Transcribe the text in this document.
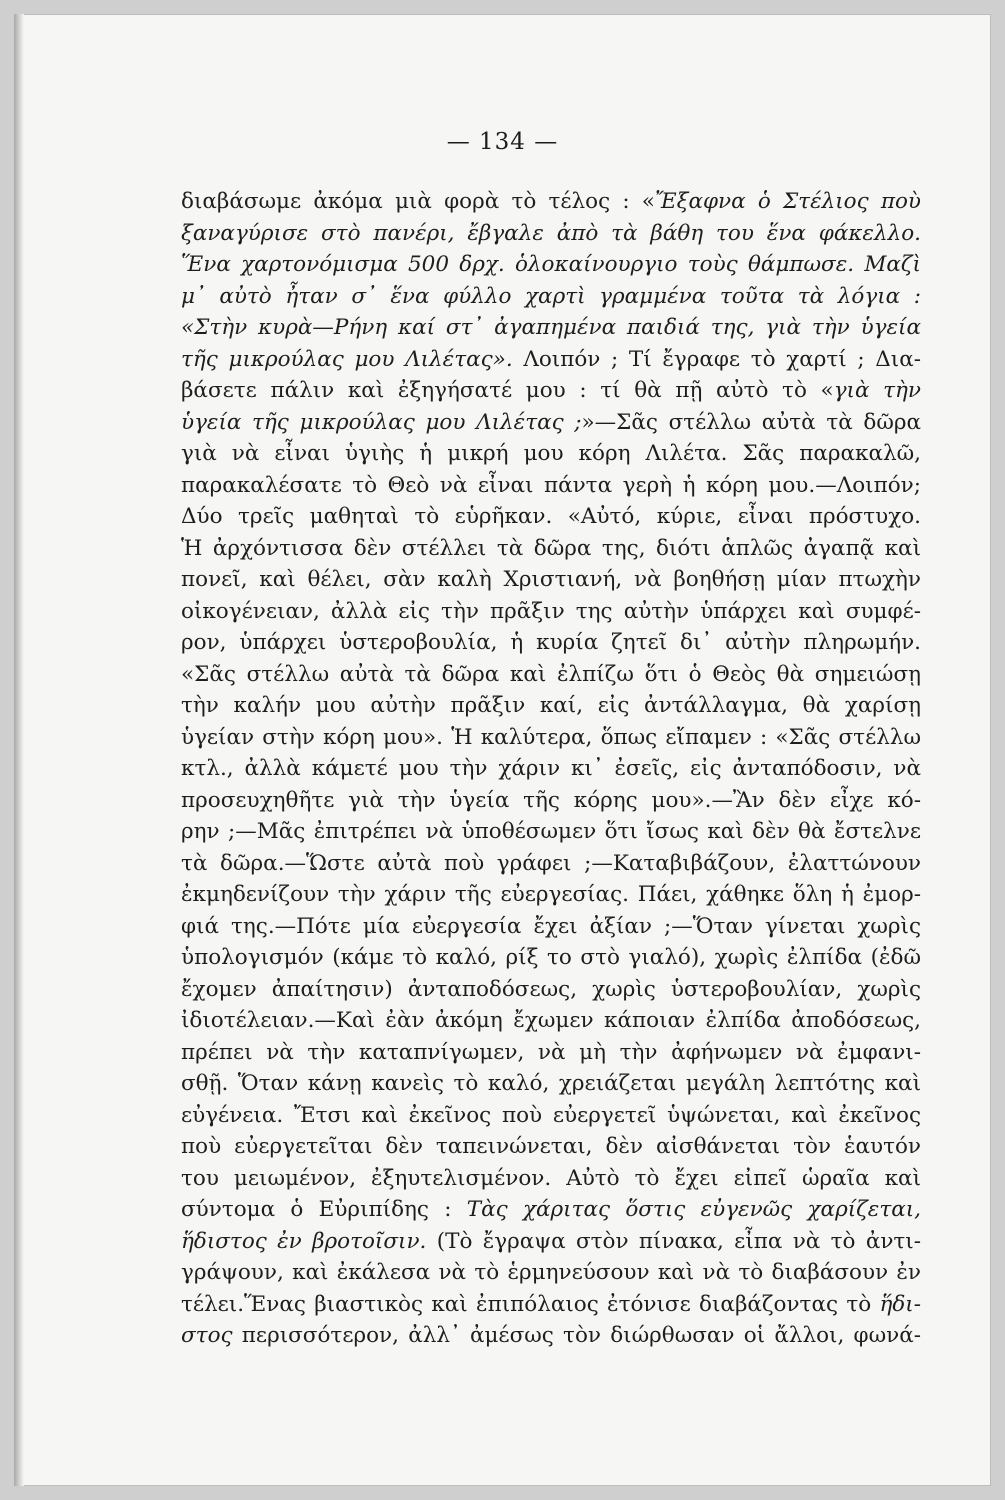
— 134 —
διαβάσωμε ἀκόμα μιὰ φορὰ τὸ τέλος : «Ἔξαφνα ὁ Στέλιος ποὺ
ξαναγύρισε στὸ πανέρι, ἔβγαλε ἀπὸ τὰ βάθη του ἕνα φάκελλο.
Ἕνα χαρτονόμισμα 500 δρχ. ὁλοκαίνουργιο τοὺς θάμπωσε. Μαζὶ
μ᾽ αὐτὸ ἦταν σ᾽ ἕνα φύλλο χαρτὶ γραμμένα τοῦτα τὰ λόγια :
«Στὴν κυρὰ—Ρήνη καί στ᾽ ἀγαπημένα παιδιά της, γιὰ τὴν ὑγεία
τῆς μικρούλας μου Λιλέτας». Λοιπόν ; Τί ἔγραφε τὸ χαρτί ; Δια-
βάσετε πάλιν καὶ ἐξηγήσατέ μου : τί θὰ πῇ αὐτὸ τὸ «γιὰ τὴν
ὑγεία τῆς μικρούλας μου Λιλέτας ;»—Σᾶς στέλλω αὐτὰ τὰ δῶρα
γιὰ νὰ εἶναι ὑγιὴς ἡ μικρή μου κόρη Λιλέτα. Σᾶς παρακαλῶ,
παρακαλέσατε τὸ Θεὸ νὰ εἶναι πάντα γερὴ ἡ κόρη μου.—Λοιπόν;
Δύο τρεῖς μαθηταὶ τὸ εὑρῆκαν. «Αὐτό, κύριε, εἶναι πρόστυχο.
Ἡ ἀρχόντισσα δὲν στέλλει τὰ δῶρα της, διότι ἁπλῶς ἀγαπᾷ καὶ
πονεῖ, καὶ θέλει, σὰν καλὴ Χριστιανή, νὰ βοηθήσῃ μίαν πτωχὴν
οἰκογένειαν, ἀλλὰ εἰς τὴν πρᾶξιν της αὐτὴν ὑπάρχει καὶ συμφέ-
ρον, ὑπάρχει ὑστεροβουλία, ἡ κυρία ζητεῖ δι᾽ αὐτὴν πληρωμήν.
«Σᾶς στέλλω αὐτὰ τὰ δῶρα καὶ ἐλπίζω ὅτι ὁ Θεὸς θὰ σημειώσῃ
τὴν καλήν μου αὐτὴν πρᾶξιν καί, εἰς ἀντάλλαγμα, θὰ χαρίσῃ
ὑγείαν στὴν κόρη μου». Ἡ καλύτερα, ὅπως εἴπαμεν : «Σᾶς στέλλω
κτλ., ἀλλὰ κάμετέ μου τὴν χάριν κι᾽ ἐσεῖς, εἰς ἀνταπόδοσιν, νὰ
προσευχηθῆτε γιὰ τὴν ὑγεία τῆς κόρης μου».—Ἂν δὲν εἶχε κό-
ρην ;—Μᾶς ἐπιτρέπει νὰ ὑποθέσωμεν ὅτι ἴσως καὶ δὲν θὰ ἔστελνε
τὰ δῶρα.—Ὥστε αὐτὰ ποὺ γράφει ;—Καταβιβάζουν, ἐλαττώνουν
ἐκμηδενίζουν τὴν χάριν τῆς εὐεργεσίας. Πάει, χάθηκε ὅλη ἡ ἐμορ-
φιά της.—Πότε μία εὐεργεσία ἔχει ἀξίαν ;—Ὅταν γίνεται χωρὶς
ὑπολογισμόν (κάμε τὸ καλό, ρίξ το στὸ γιαλό), χωρὶς ἐλπίδα (ἐδῶ
ἔχομεν ἀπαίτησιν) ἀνταποδόσεως, χωρὶς ὑστεροβουλίαν, χωρὶς
ἰδιοτέλειαν.—Καὶ ἐὰν ἀκόμη ἔχωμεν κάποιαν ἐλπίδα ἀποδόσεως,
πρέπει νὰ τὴν καταπνίγωμεν, νὰ μὴ τὴν ἀφήνωμεν νὰ ἐμφανι-
σθῇ. Ὅταν κάνῃ κανεὶς τὸ καλό, χρειάζεται μεγάλη λεπτότης καὶ
εὐγένεια. Ἔτσι καὶ ἐκεῖνος ποὺ εὐεργετεῖ ὑψώνεται, καὶ ἐκεῖνος
ποὺ εὐεργετεῖται δὲν ταπεινώνεται, δὲν αἰσθάνεται τὸν ἑαυτόν
του μειωμένον, ἐξηυτελισμένον. Αὐτὸ τὸ ἔχει εἰπεῖ ὡραῖα καὶ
σύντομα ὁ Εὐριπίδης : Τὰς χάριτας ὅστις εὐγενῶς χαρίζεται,
ἥδιστος ἐν βροτοῖσιν. (Τὸ ἔγραψα στὸν πίνακα, εἶπα νὰ τὸ ἀντι-
γράψουν, καὶ ἐκάλεσα νὰ τὸ ἑρμηνεύσουν καὶ νὰ τὸ διαβάσουν ἐν
τέλει.Ἕνας βιαστικὸς καὶ ἐπιπόλαιος ἐτόνισε διαβάζοντας τὸ ἥδι-
στος περισσότερον, ἀλλ᾽ ἀμέσως τὸν διώρθωσαν οἱ ἄλλοι, φωνά-
